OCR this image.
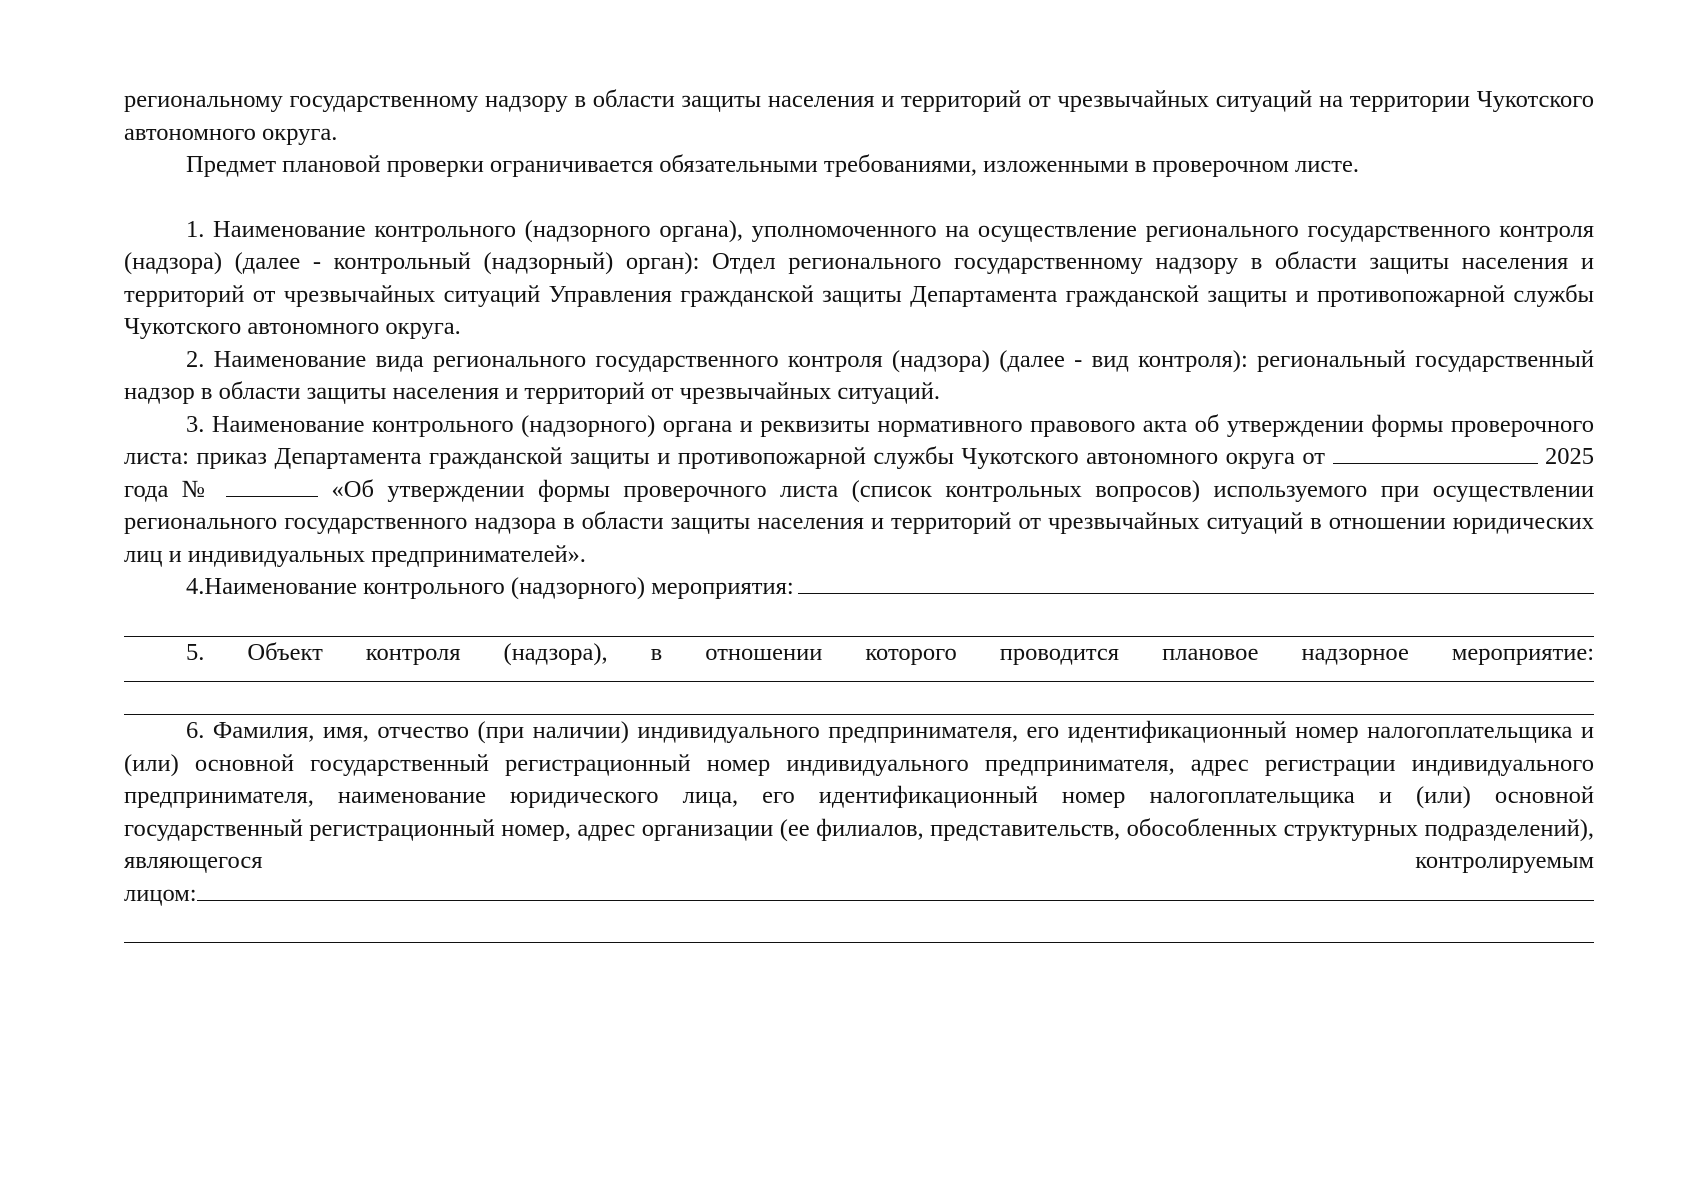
региональному государственному надзору в области защиты населения и территорий от чрезвычайных ситуаций на территории Чукотского автономного округа.

Предмет плановой проверки ограничивается обязательными требованиями, изложенными в проверочном листе.

1. Наименование контрольного (надзорного органа), уполномоченного на осуществление регионального государственного контроля (надзора) (далее - контрольный (надзорный) орган): Отдел регионального государственному надзору в области защиты населения и территорий от чрезвычайных ситуаций Управления гражданской защиты Департамента гражданской защиты и противопожарной службы Чукотского автономного округа.

2. Наименование вида регионального государственного контроля (надзора) (далее - вид контроля): региональный государственный надзор в области защиты населения и территорий от чрезвычайных ситуаций.

3. Наименование контрольного (надзорного) органа и реквизиты нормативного правового акта об утверждении формы проверочного листа: приказ Департамента гражданской защиты и противопожарной службы Чукотского автономного округа от	2025 года №	«Об утверждении формы проверочного листа (список контрольных вопросов) используемого при осуществлении регионального государственного надзора в области защиты населения и территорий от чрезвычайных ситуаций в отношении юридических лиц и индивидуальных предпринимателей».

4.Наименование контрольного (надзорного) мероприятия:

5. Объект контроля (надзора), в отношении которого проводится плановое надзорное мероприятие:

6. Фамилия, имя, отчество (при наличии) индивидуального предпринимателя, его идентификационный номер налогоплательщика и (или) основной государственный регистрационный номер индивидуального предпринимателя, адрес регистрации индивидуального предпринимателя, наименование юридического лица, его идентификационный номер налогоплательщика и (или) основной государственный регистрационный номер, адрес организации (ее филиалов, представительств, обособленных структурных подразделений), являющегося контролируемым

лицом:
